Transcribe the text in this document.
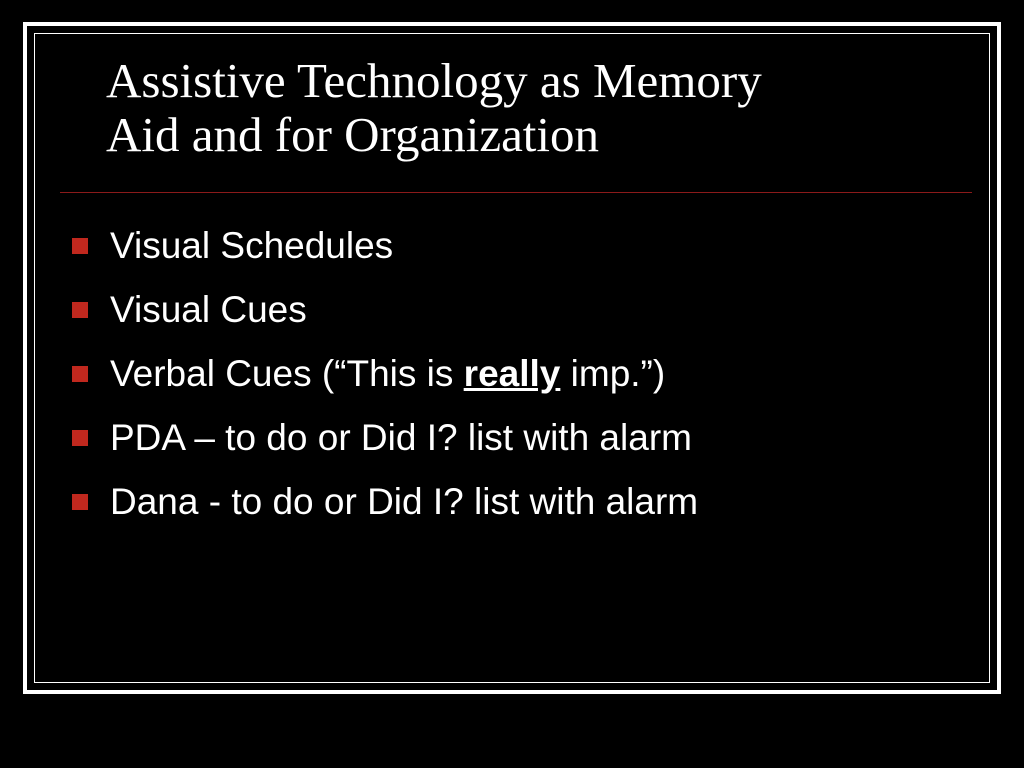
Assistive Technology as Memory
Aid and for Organization
Visual Schedules
Visual Cues
Verbal Cues (“This is really imp.”)
PDA – to do or Did I? list with alarm
Dana - to do or Did I? list with alarm
